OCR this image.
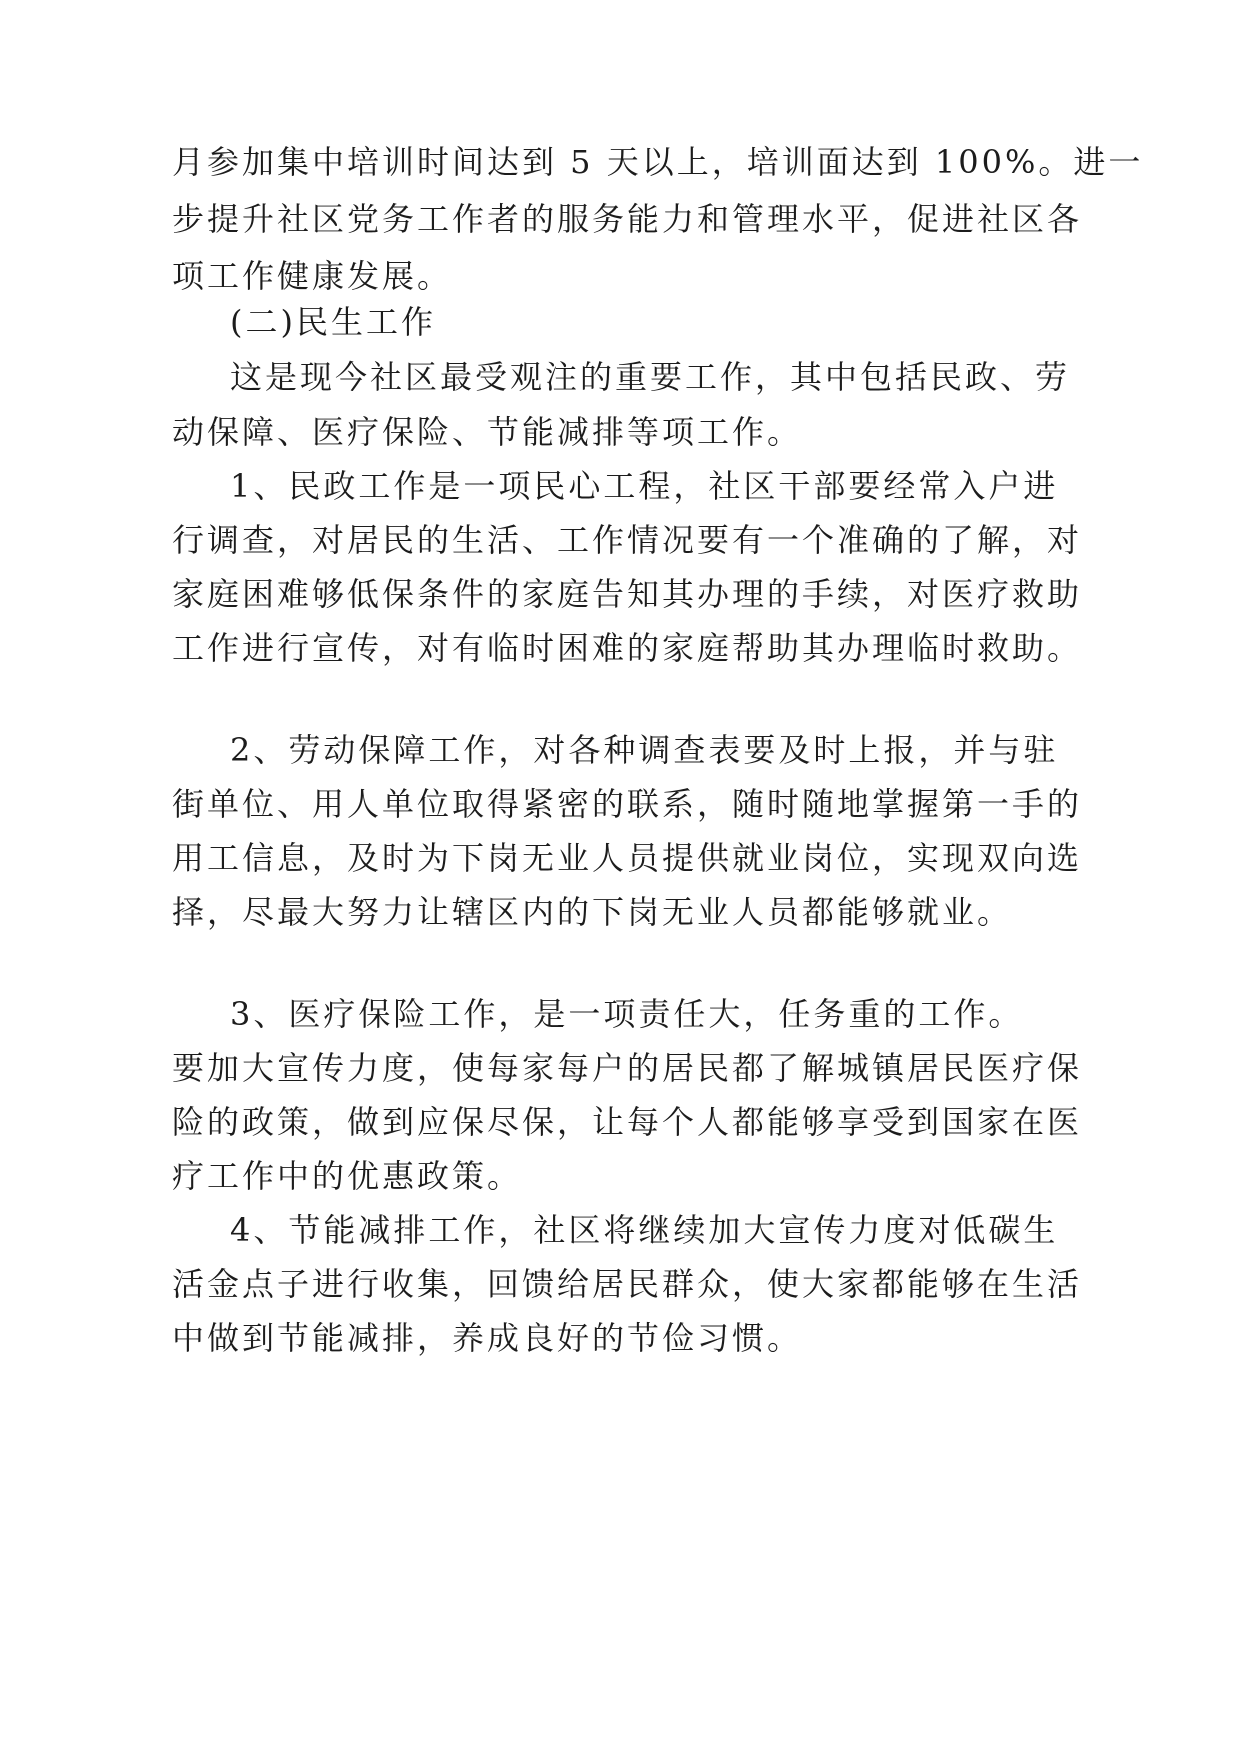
月参加集中培训时间达到 5 天以上，培训面达到 100%。进一
步提升社区党务工作者的服务能力和管理水平，促进社区各
项工作健康发展。
(二)民生工作
这是现今社区最受观注的重要工作，其中包括民政、劳
动保障、医疗保险、节能减排等项工作。
1、民政工作是一项民心工程，社区干部要经常入户进
行调查，对居民的生活、工作情况要有一个准确的了解，对
家庭困难够低保条件的家庭告知其办理的手续，对医疗救助
工作进行宣传，对有临时困难的家庭帮助其办理临时救助。
2、劳动保障工作，对各种调查表要及时上报，并与驻
街单位、用人单位取得紧密的联系，随时随地掌握第一手的
用工信息，及时为下岗无业人员提供就业岗位，实现双向选
择，尽最大努力让辖区内的下岗无业人员都能够就业。
3、医疗保险工作，是一项责任大，任务重的工作。
要加大宣传力度，使每家每户的居民都了解城镇居民医疗保
险的政策，做到应保尽保，让每个人都能够享受到国家在医
疗工作中的优惠政策。
4、节能减排工作，社区将继续加大宣传力度对低碳生
活金点子进行收集，回馈给居民群众，使大家都能够在生活
中做到节能减排，养成良好的节俭习惯。
